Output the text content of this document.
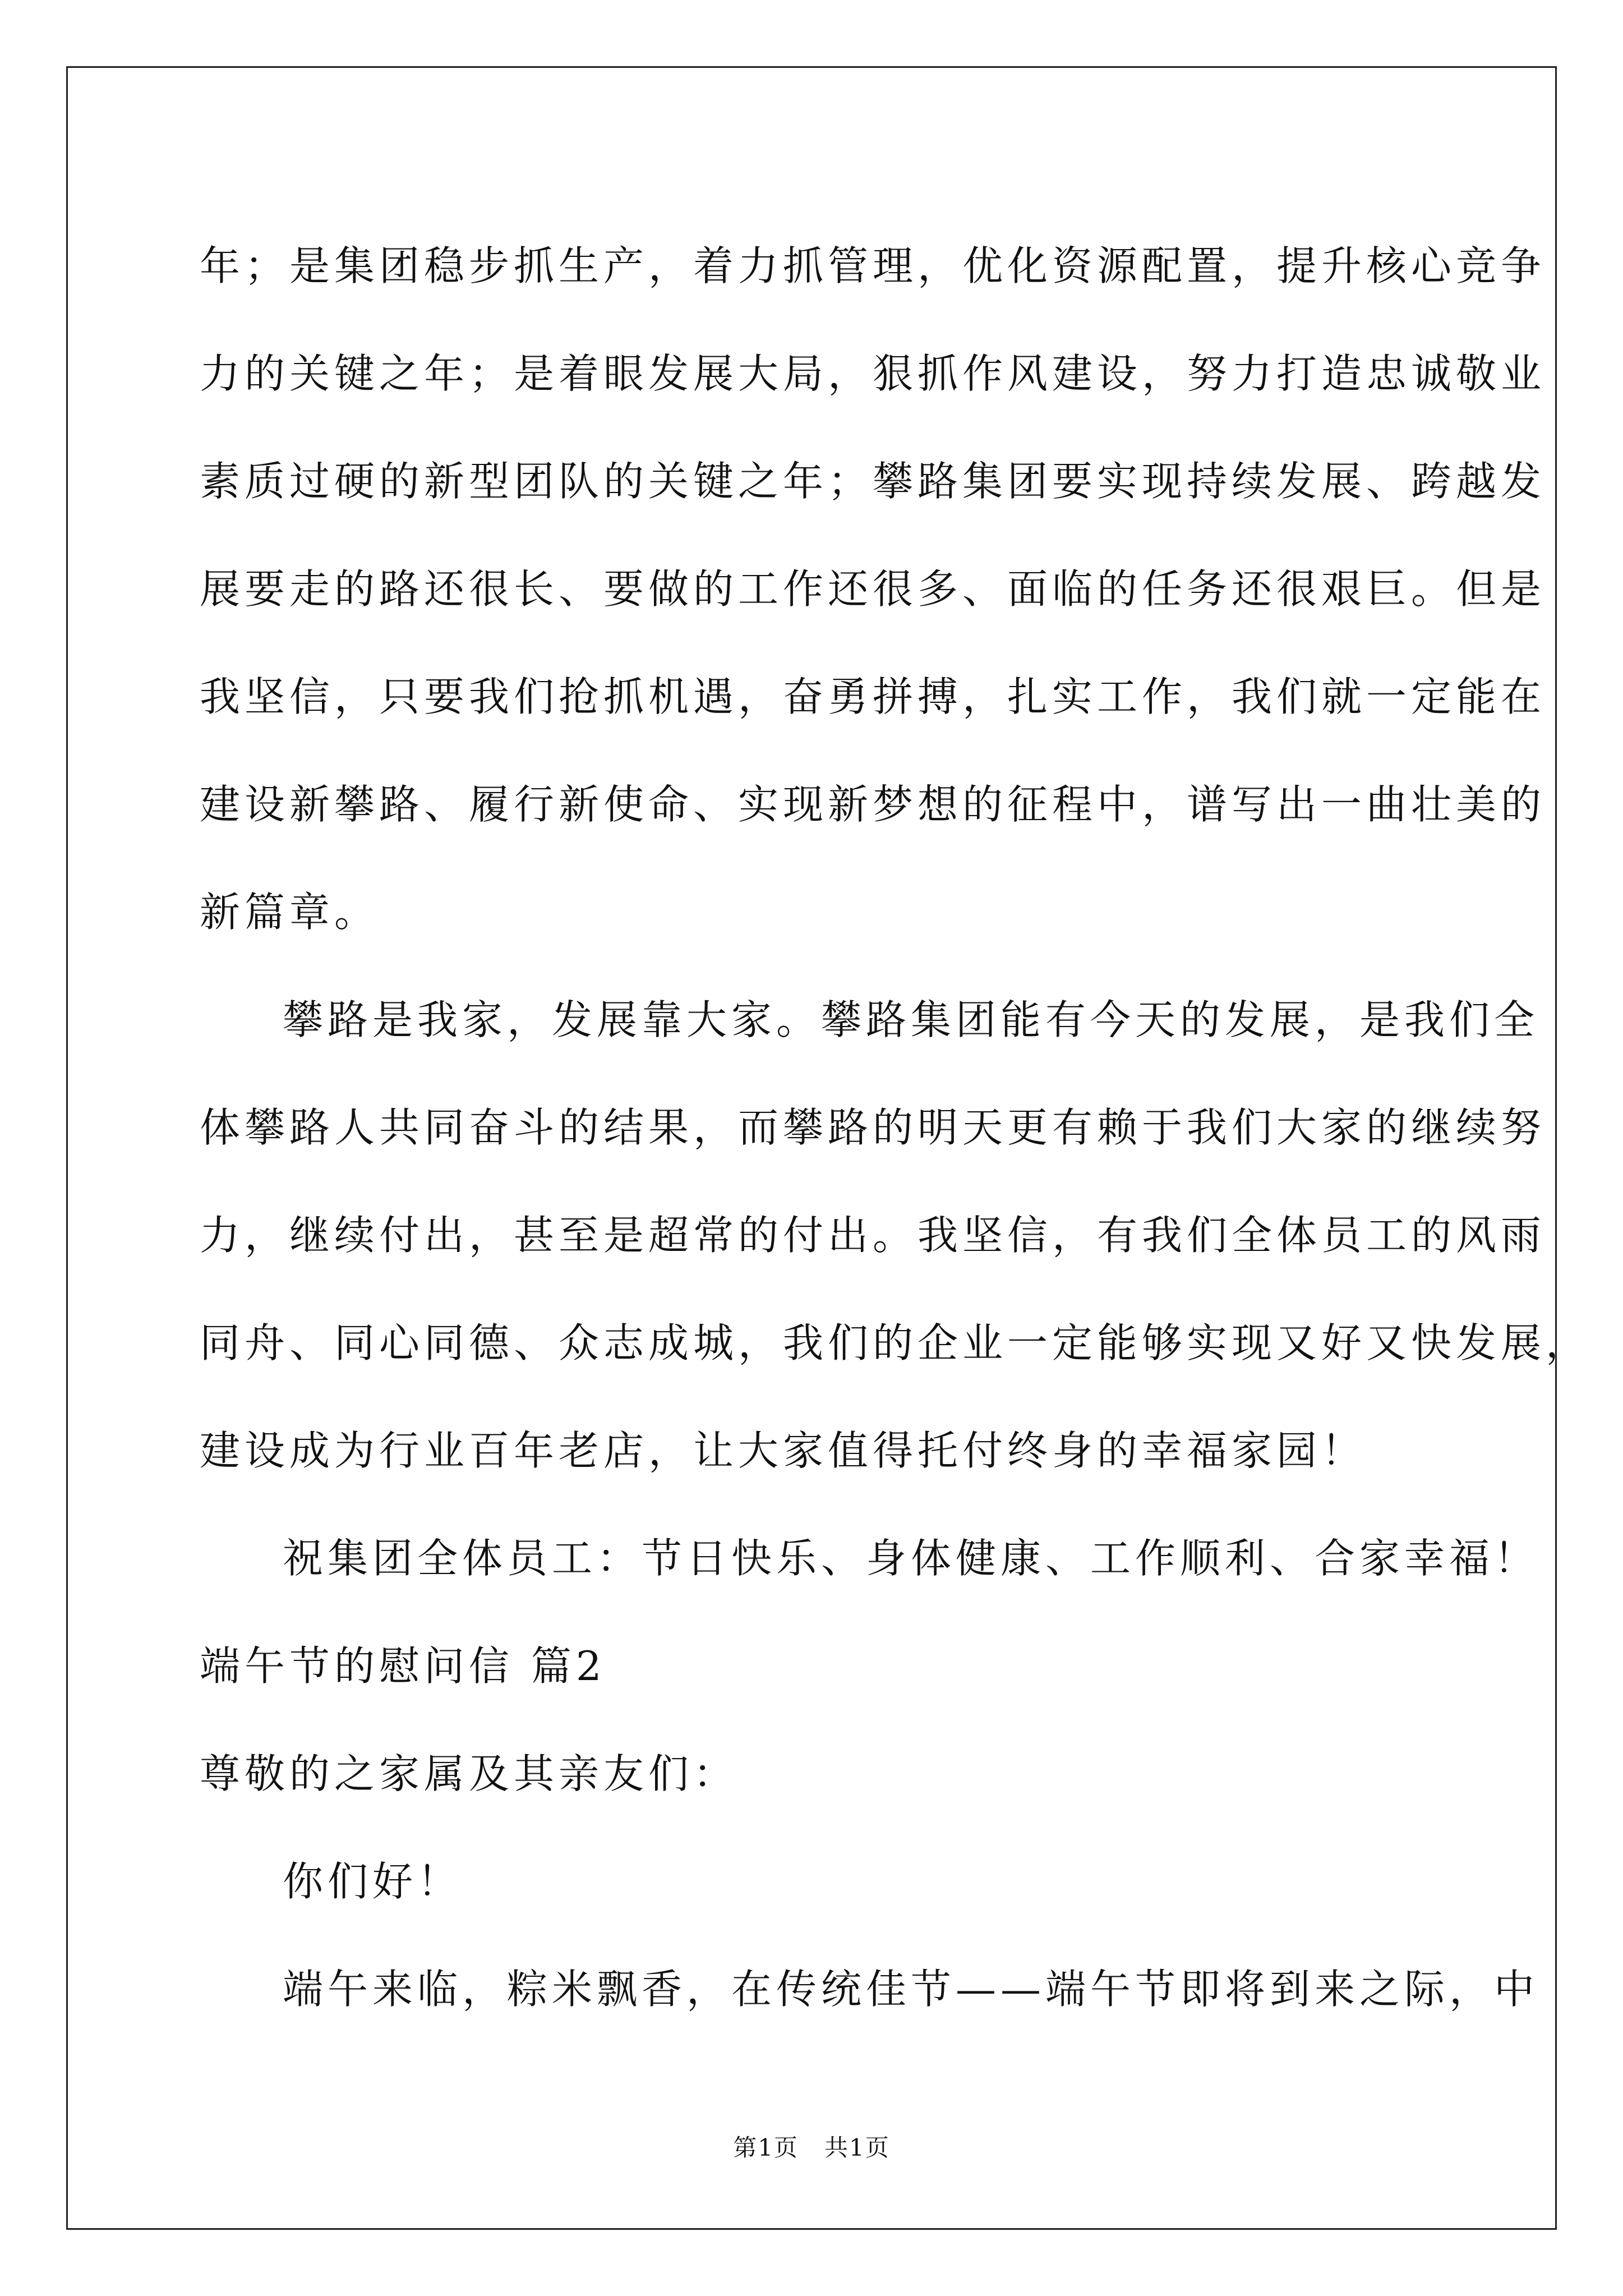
年；是集团稳步抓生产，着力抓管理，优化资源配置，提升核心竞争

力的关键之年；是着眼发展大局，狠抓作风建设，努力打造忠诚敬业

素质过硬的新型团队的关键之年；攀路集团要实现持续发展、跨越发

展要走的路还很长、要做的工作还很多、面临的任务还很艰巨。但是

我坚信，只要我们抢抓机遇，奋勇拼搏，扎实工作，我们就一定能在

建设新攀路、履行新使命、实现新梦想的征程中，谱写出一曲壮美的

新篇章。

攀路是我家，发展靠大家。攀路集团能有今天的发展，是我们全

体攀路人共同奋斗的结果，而攀路的明天更有赖于我们大家的继续努

力，继续付出，甚至是超常的付出。我坚信，有我们全体员工的风雨

同舟、同心同德、众志成城，我们的企业一定能够实现又好又快发展，

建设成为行业百年老店，让大家值得托付终身的幸福家园！

祝集团全体员工：节日快乐、身体健康、工作顺利、合家幸福！

端午节的慰问信 篇2

尊敬的之家属及其亲友们：

你们好！

端午来临，粽米飘香，在传统佳节——端午节即将到来之际，中

第1页   共1页
